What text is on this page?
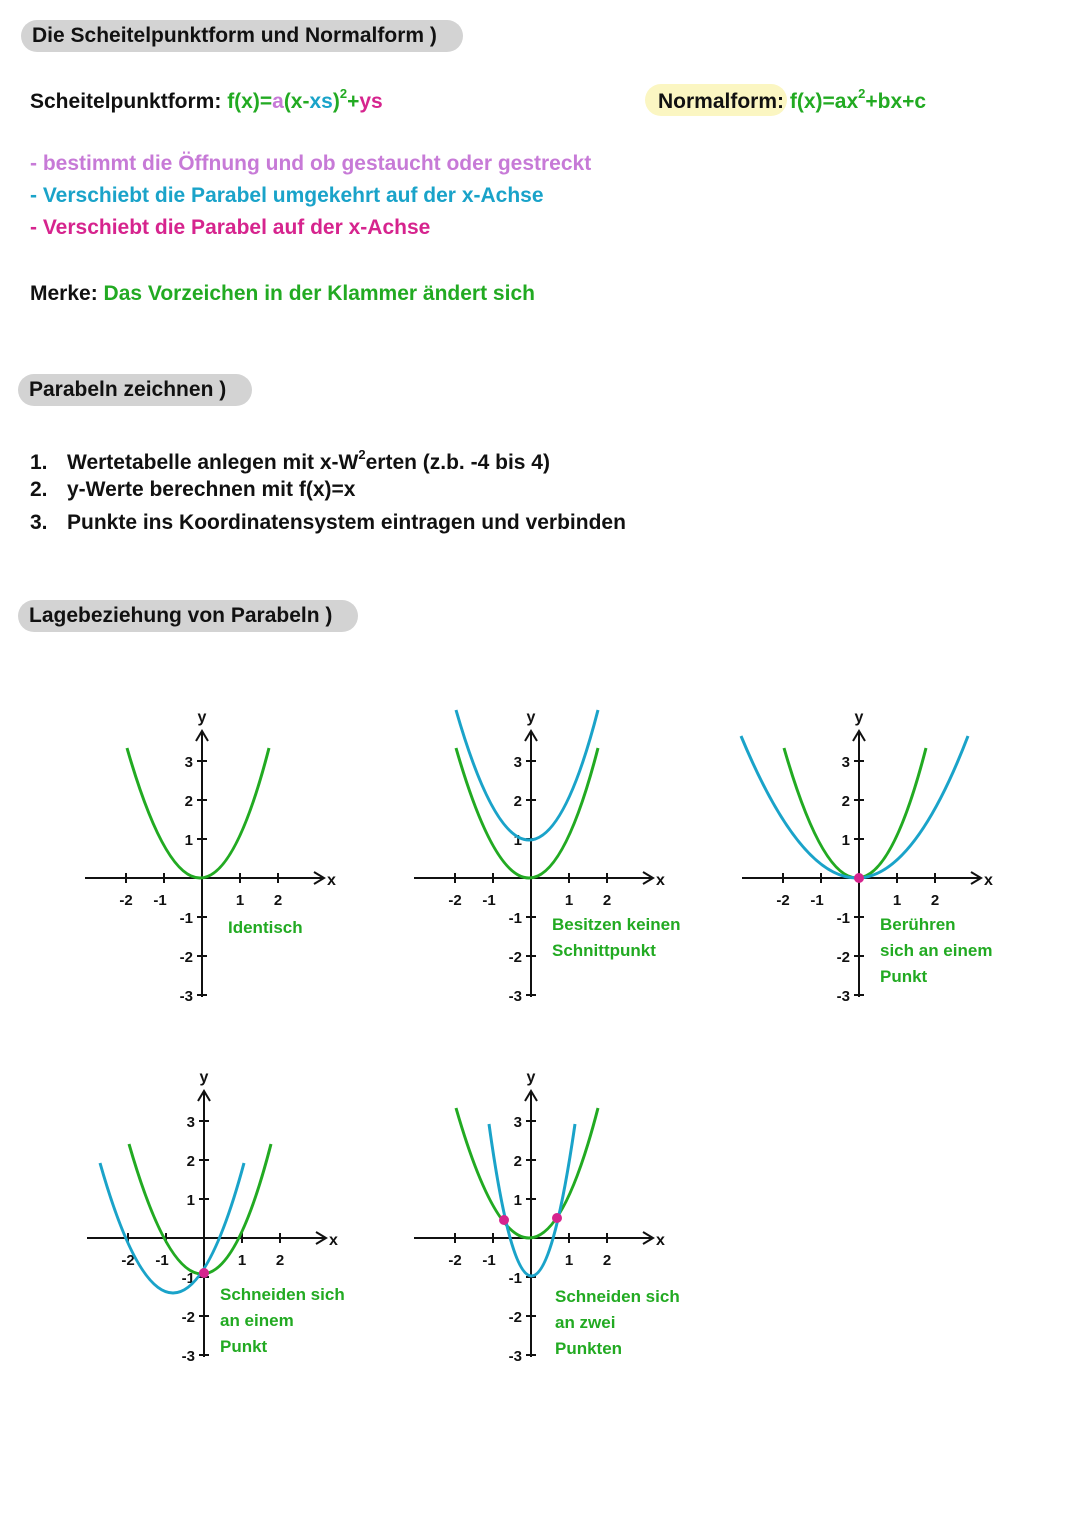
Die Scheitelpunktform und Normalform )
Scheitelpunktform: $f(x)=a(x-xs)^2+ys$	Normalform: $f(x)=ax^2+bx+c$
- bestimmt die Öffnung und ob gestaucht oder gestreckt
- Verschiebt die Parabel umgekehrt auf der x-Achse
- Verschiebt die Parabel auf der x-Achse
Merke: Das Vorzeichen in der Klammer ändert sich
Parabeln zeichnen )
1. Wertetabelle anlegen mit $x-W^2erten$ (z.b. -4 bis 4)
2. y-Werte berechnen mit f(x)=x
3. Punkte ins Koordinatensystem eintragen und verbinden
Lagebeziehung von Parabeln )
x
y
-2 -1	1 2
3
2
1
-1
-2
-3
Identisch
x
y
-2 -1	1 2
3
2
1
-1
-2
-3
Besitzen keinen
Schnittpunkt
x
y
-2 -1	1 2
3
2
1
-1
-2
-3
Berühren
sich an einem
Punkt
x
y
-2 -1	1 2
3
2
1
-1
-2
-3
Schneiden sich
an einem
Punkt
x
y
-2 -1	1 2
3
2
1
-1
-2
-3
Schneiden sich
an zwei
Punkten
